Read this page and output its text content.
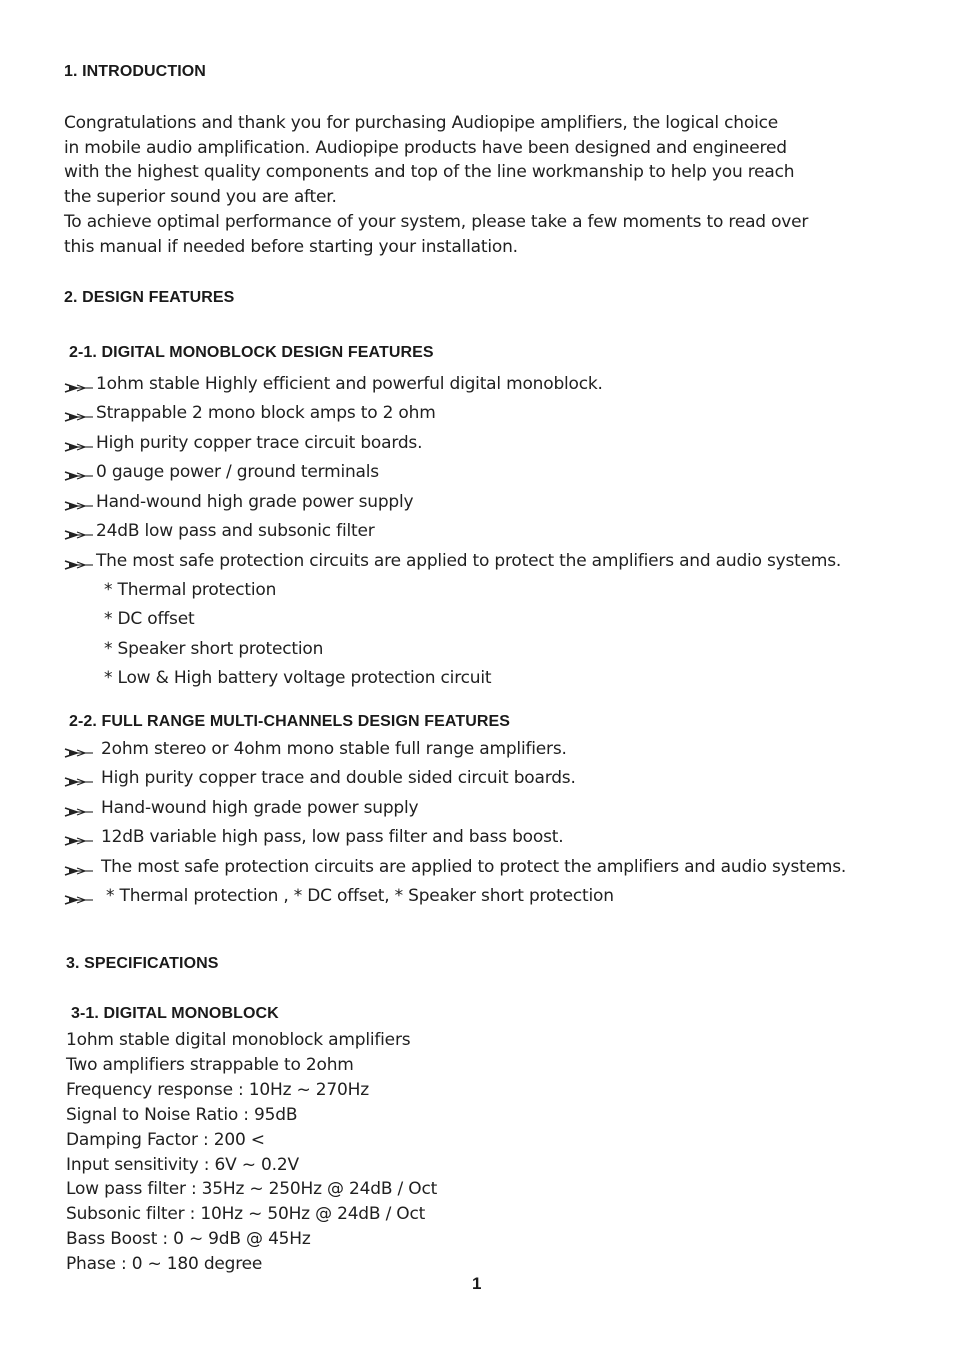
1. INTRODUCTION
Congratulations and thank you for purchasing Audiopipe amplifiers, the logical choice
in mobile audio amplification. Audiopipe products have been designed and engineered
with the highest quality components and top of the line workmanship to help you reach
the superior sound you are after.
To achieve optimal performance of your system, please take a few moments to read over
this manual if needed before starting your installation.
2. DESIGN FEATURES
2-1. DIGITAL MONOBLOCK DESIGN FEATURES
1ohm stable Highly efficient and powerful digital monoblock.
Strappable 2 mono block amps to 2 ohm
High purity copper trace circuit boards.
0 gauge power / ground terminals
Hand-wound high grade power supply
24dB low pass and subsonic filter
The most safe protection circuits are applied to protect the amplifiers and audio systems.
* Thermal protection
* DC offset
* Speaker short protection
* Low & High battery voltage protection circuit
2-2. FULL RANGE MULTI-CHANNELS DESIGN FEATURES
2ohm stereo or 4ohm mono stable full range amplifiers.
High purity copper trace and double sided circuit boards.
Hand-wound high grade power supply
12dB variable high pass, low pass filter and bass boost.
The most safe protection circuits are applied to protect the amplifiers and audio systems.
* Thermal protection , * DC offset, * Speaker short protection
3. SPECIFICATIONS
3-1. DIGITAL MONOBLOCK
1ohm stable digital monoblock amplifiers
Two amplifiers strappable to 2ohm
Frequency response : 10Hz ~ 270Hz
Signal to Noise Ratio : 95dB
Damping Factor : 200 <
Input sensitivity : 6V ~ 0.2V
Low pass filter : 35Hz ~ 250Hz @ 24dB / Oct
Subsonic filter : 10Hz ~ 50Hz @ 24dB / Oct
Bass Boost : 0 ~ 9dB @ 45Hz
Phase : 0 ~ 180 degree
1
